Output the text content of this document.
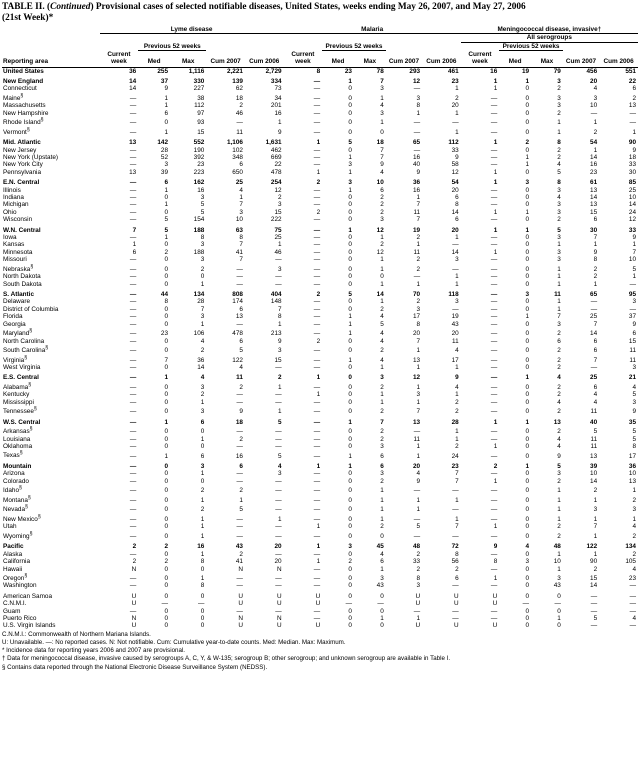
TABLE II. (Continued) Provisional cases of selected notifiable diseases, United States, weeks ending May 26, 2007, and May 27, 2006
(21st Week)*
	Lyme disease					Malaria					Meningococcal disease, invasive†				
											All serogroups				
		Previous 52 weeks					Previous 52 weeks					Previous 52 weeks			
Reporting area	Current week	Med	Max	Cum 2007	Cum 2006	Current week	Med	Max	Cum 2007	Cum 2006	Current week	Med	Max	Cum 2007	Cum 2006
United States	36	255	1,116	2,221	2,729	8	23	78	293	461	16	19	79	456	551

New England	14	37	330	139	334	—	1	7	12	23	1	1	3	20	22
Connecticut	14	9	227	62	73	—	0	3	—	1	1	0	2	4	6
Maine§	—	1	38	18	34	—	0	1	3	2	—	0	3	3	2
Massachusetts	—	1	112	2	201	—	0	4	8	20	—	0	3	10	13
New Hampshire	—	6	97	46	16	—	0	3	1	1	—	0	2	—	—
Rhode Island§	—	0	93	—	1	—	0	1	—	—	—	0	1	1	—
Vermont§	—	1	15	11	9	—	0	0	—	1	—	0	1	2	1

Mid. Atlantic	13	142	552	1,106	1,631	1	5	18	65	112	1	2	8	54	90
New Jersey	—	28	190	102	462	—	0	7	—	33	—	0	2	1	9
New York (Upstate)	—	52	392	348	669	—	1	7	16	9	—	1	2	14	18
New York City	—	3	23	6	22	—	3	9	40	58	—	1	4	16	33
Pennsylvania	13	39	223	650	478	1	1	4	9	12	1	0	5	23	30

E.N. Central	—	6	162	25	254	2	3	10	36	54	1	3	8	61	85
Illinois	—	1	16	4	12	—	1	6	16	20	—	0	3	13	25
Indiana	—	0	3	1	2	—	0	2	1	6	—	0	4	14	10
Michigan	—	1	5	7	3	—	0	2	7	8	—	0	3	13	14
Ohio	—	0	5	3	15	2	0	2	11	14	1	1	3	15	24
Wisconsin	—	5	154	10	222	—	0	3	7	6	—	0	2	6	12

W.N. Central	7	5	188	63	75	—	1	12	19	20	1	1	5	30	33
Iowa	—	1	8	8	25	—	0	1	2	1	—	0	3	7	9
Kansas	1	0	3	7	1	—	0	2	1	—	—	0	1	1	1
Minnesota	6	2	188	41	46	—	0	12	11	14	1	0	3	9	7
Missouri	—	0	3	7	—	—	0	1	2	3	—	0	3	8	10
Nebraska§	—	0	2	—	3	—	0	1	2	—	—	0	1	2	5
North Dakota	—	0	0	—	—	—	0	0	—	1	—	0	1	2	1
South Dakota	—	0	1	—	—	—	0	1	1	1	—	0	1	1	—

S. Atlantic	—	44	134	808	404	2	5	14	70	118	—	3	11	65	95
Delaware	—	8	28	174	148	—	0	1	2	3	—	0	1	—	3
District of Columbia	—	0	7	6	7	—	0	2	3	—	—	0	1	—	—
Florida	—	0	3	13	8	—	1	4	17	19	—	1	7	25	37
Georgia	—	0	1	—	1	—	1	5	8	43	—	0	3	7	9
Maryland§	—	23	106	478	213	—	1	4	20	20	—	0	2	14	6
North Carolina	—	0	4	6	9	2	0	4	7	11	—	0	6	6	15
South Carolina§	—	0	2	5	3	—	0	2	1	4	—	0	2	6	11
Virginia§	—	7	36	122	15	—	1	4	13	17	—	0	2	7	11
West Virginia	—	0	14	4	—	—	0	1	1	1	—	0	2	—	3

E.S. Central	—	1	4	11	2	1	0	3	12	9	—	1	4	25	21
Alabama§	—	0	3	2	1	—	0	2	1	4	—	0	2	6	4
Kentucky	—	0	2	—	—	1	0	1	3	1	—	0	2	4	5
Mississippi	—	0	1	—	—	—	0	1	1	2	—	0	4	4	3
Tennessee§	—	0	3	9	1	—	0	2	7	2	—	0	2	11	9

W.S. Central	—	1	6	18	5	—	1	7	13	28	1	1	13	40	35
Arkansas§	—	0	0	—	—	—	0	2	—	1	—	0	2	5	5
Louisiana	—	0	1	2	—	—	0	2	11	1	—	0	4	11	5
Oklahoma	—	0	0	—	—	—	0	3	1	2	1	0	4	11	8
Texas§	—	1	6	16	5	—	1	6	1	24	—	0	9	13	17

Mountain	—	0	3	6	4	1	1	6	20	23	2	1	5	39	36
Arizona	—	0	1	—	3	—	0	3	4	7	—	0	3	10	10
Colorado	—	0	0	—	—	—	0	2	9	7	1	0	2	14	13
Idaho§	—	0	2	2	—	—	0	1	—	—	—	0	1	2	1
Montana§	—	0	1	1	—	—	0	1	1	1	—	0	1	1	2
Nevada§	—	0	2	5	—	—	0	1	1	—	—	0	1	3	3
New Mexico§	—	0	1	—	1	—	0	1	—	1	—	0	1	1	1
Utah	—	0	1	—	—	1	0	2	5	7	1	0	2	7	4
Wyoming§	—	0	1	—	—	—	0	0	—	—	—	0	2	1	2

Pacific	2	2	16	43	20	1	3	45	48	72	9	4	48	122	134
Alaska	—	0	1	2	—	—	0	4	2	8	—	0	1	1	2
California	2	2	8	41	20	1	2	6	33	56	8	3	10	90	105
Hawaii	N	0	0	N	N	—	0	1	2	2	—	0	1	2	4
Oregon§	—	0	1	—	—	—	0	3	8	6	1	0	3	15	23
Washington	—	0	8	—	—	—	0	43	3	—	—	0	43	14	—

American Samoa	U	0	0	U	U	U	0	0	U	U	U	0	0	—	—
C.N.M.I.	U	—	—	U	U	U	—	—	U	U	U	—	—	—	—
Guam	—	0	0	—	—	—	0	0	—	—	—	0	0	—	—
Puerto Rico	N	0	0	N	N	—	0	1	1	—	—	0	1	5	4
U.S. Virgin Islands	U	0	0	U	U	U	0	0	U	U	U	0	0	—	—
C.N.M.I.: Commonwealth of Northern Mariana Islands.
U: Unavailable. —: No reported cases. N: Not notifiable. Cum: Cumulative year-to-date counts. Med: Median. Max: Maximum.
* Incidence data for reporting years 2006 and 2007 are provisional.
† Data for meningococcal disease, invasive caused by serogroups A, C, Y, & W-135; serogroup B; other serogroup; and unknown serogroup are available in Table I.
§ Contains data reported through the National Electronic Disease Surveillance System (NEDSS).
